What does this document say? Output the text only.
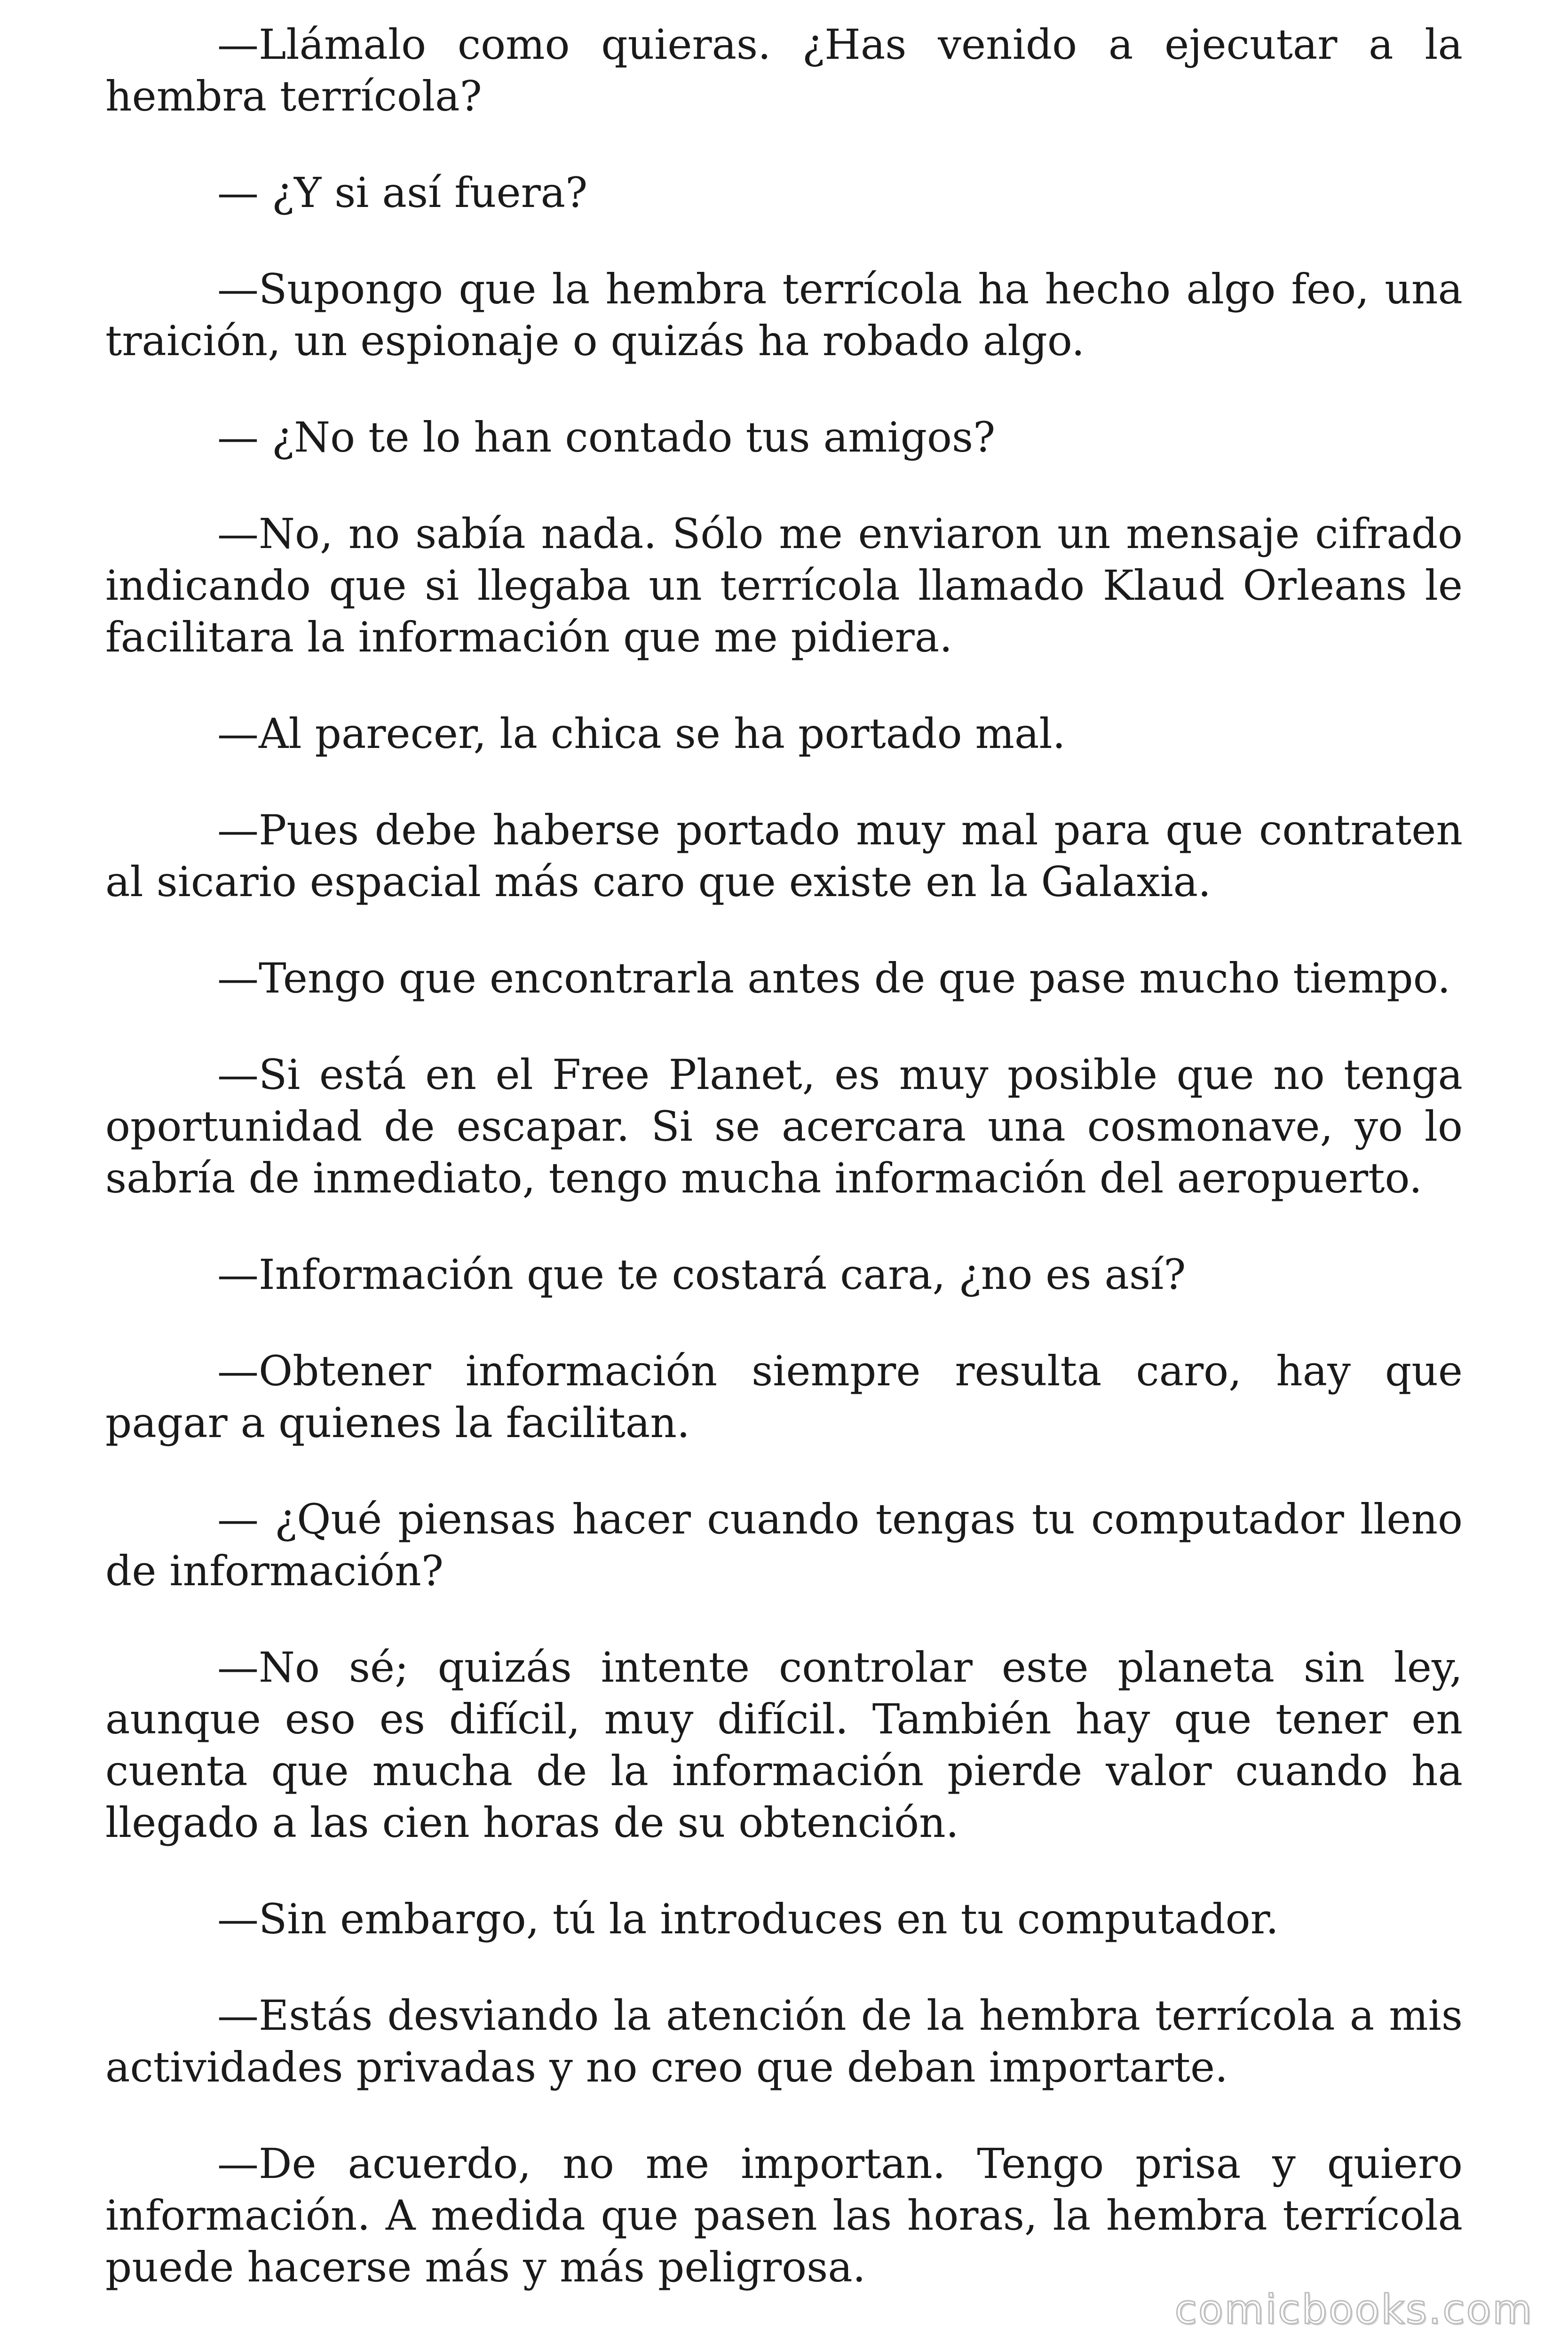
—Llámalo como quieras. ¿Has venido a ejecutar a la hembra terrícola?

— ¿Y si así fuera?

—Supongo que la hembra terrícola ha hecho algo feo, una traición, un espionaje o quizás ha robado algo.

— ¿No te lo han contado tus amigos?

—No, no sabía nada. Sólo me enviaron un mensaje cifrado indicando que si llegaba un terrícola llamado Klaud Orleans le facilitara la información que me pidiera.

—Al parecer, la chica se ha portado mal.

—Pues debe haberse portado muy mal para que contraten al sicario espacial más caro que existe en la Galaxia.

—Tengo que encontrarla antes de que pase mucho tiempo.

—Si está en el Free Planet, es muy posible que no tenga oportunidad de escapar. Si se acercara una cosmonave, yo lo sabría de inmediato, tengo mucha información del aeropuerto.

—Información que te costará cara, ¿no es así?

—Obtener información siempre resulta caro, hay que pagar a quienes la facilitan.

— ¿Qué piensas hacer cuando tengas tu computador lleno de información?

—No sé; quizás intente controlar este planeta sin ley, aunque eso es difícil, muy difícil. También hay que tener en cuenta que mucha de la información pierde valor cuando ha llegado a las cien horas de su obtención.

—Sin embargo, tú la introduces en tu computador.

—Estás desviando la atención de la hembra terrícola a mis actividades privadas y no creo que deban importarte.

—De acuerdo, no me importan. Tengo prisa y quiero información. A medida que pasen las horas, la hembra terrícola puede hacerse más y más peligrosa.

comicbooks.com
